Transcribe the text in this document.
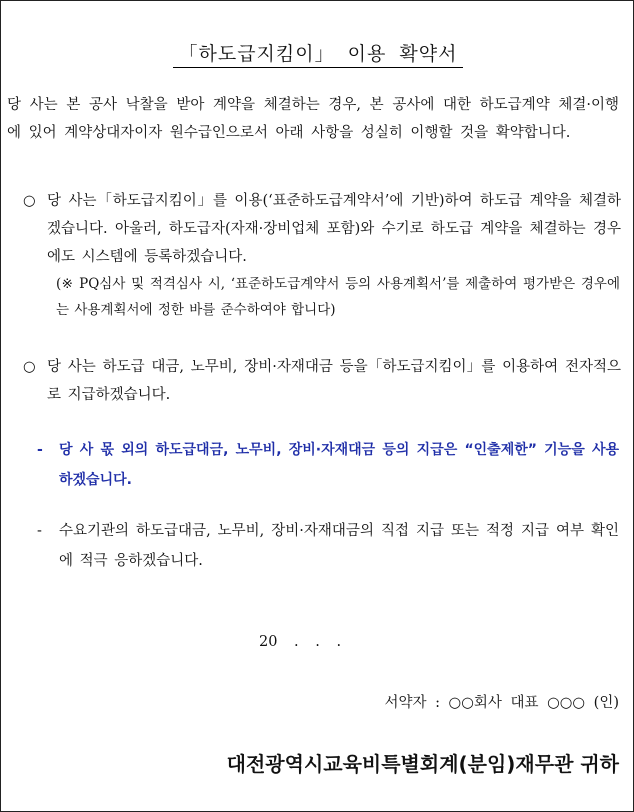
「하도급지킴이」 이용 확약서
당 사는 본 공사 낙찰을 받아 계약을 체결하는 경우, 본 공사에 대한 하도급계약 체결·이행에 있어 계약상대자이자 원수급인으로서 아래 사항을 성실히 이행할 것을 확약합니다.
○ 당 사는「하도급지킴이」를 이용(‘표준하도급계약서’에 기반)하여 하도급 계약을 체결하겠습니다. 아울러, 하도급자(자재·장비업체 포함)와 수기로 하도급 계약을 체결하는 경우에도 시스템에 등록하겠습니다.
(※ PQ심사 및 적격심사 시, ‘표준하도급계약서 등의 사용계획서’를 제출하여 평가받은 경우에는 사용계획서에 정한 바를 준수하여야 합니다)
○ 당 사는 하도급 대금, 노무비, 장비·자재대금 등을「하도급지킴이」를 이용하여 전자적으로 지급하겠습니다.
- 당 사 몫 외의 하도급대금, 노무비, 장비·자재대금 등의 지급은 “인출제한” 기능을 사용하겠습니다.
- 수요기관의 하도급대금, 노무비, 장비·자재대금의 직접 지급 또는 적정 지급 여부 확인에 적극 응하겠습니다.
20 . . .
서약자 : ○○회사 대표 ○○○ (인)
대전광역시교육비특별회계(분임)재무관 귀하
